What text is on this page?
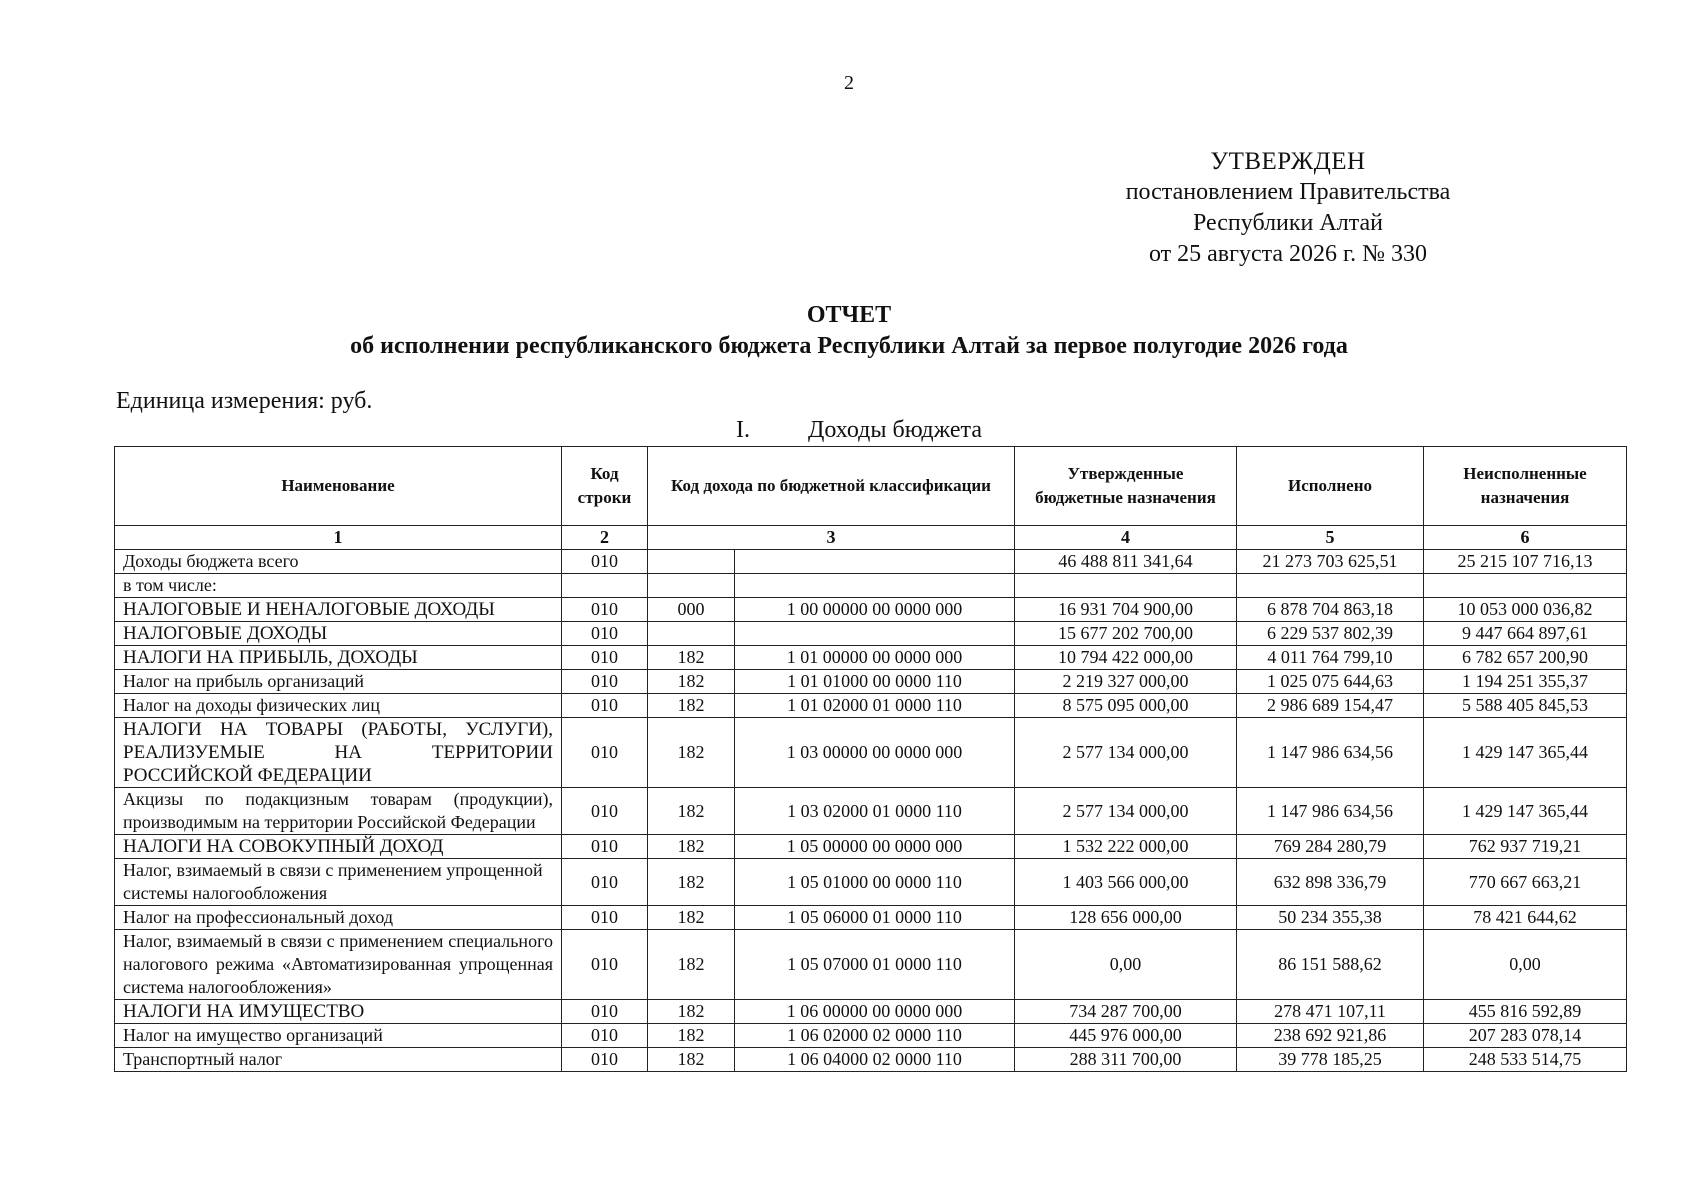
2
УТВЕРЖДЕН
постановлением Правительства
Республики Алтай
от 25 августа 2026 г. № 330
ОТЧЕТ
об исполнении республиканского бюджета Республики Алтай за первое полугодие 2026 года
Единица измерения: руб.
I. Доходы бюджета
Наименование	Код строки	Код дохода по бюджетной классификации		Утвержденные бюджетные назначения	Исполнено	Неисполненные назначения
1	2	3		4	5	6
Доходы бюджета всего	010			46 488 811 341,64	21 273 703 625,51	25 215 107 716,13
в том числе:						
НАЛОГОВЫЕ И НЕНАЛОГОВЫЕ ДОХОДЫ	010	000	1 00 00000 00 0000 000	16 931 704 900,00	6 878 704 863,18	10 053 000 036,82
НАЛОГОВЫЕ ДОХОДЫ	010			15 677 202 700,00	6 229 537 802,39	9 447 664 897,61
НАЛОГИ НА ПРИБЫЛЬ, ДОХОДЫ	010	182	1 01 00000 00 0000 000	10 794 422 000,00	4 011 764 799,10	6 782 657 200,90
Налог на прибыль организаций	010	182	1 01 01000 00 0000 110	2 219 327 000,00	1 025 075 644,63	1 194 251 355,37
Налог на доходы физических лиц	010	182	1 01 02000 01 0000 110	8 575 095 000,00	2 986 689 154,47	5 588 405 845,53
НАЛОГИ НА ТОВАРЫ (РАБОТЫ, УСЛУГИ), РЕАЛИЗУЕМЫЕ НА ТЕРРИТОРИИ РОССИЙСКОЙ ФЕДЕРАЦИИ	010	182	1 03 00000 00 0000 000	2 577 134 000,00	1 147 986 634,56	1 429 147 365,44
Акцизы по подакцизным товарам (продукции), производимым на территории Российской Федерации	010	182	1 03 02000 01 0000 110	2 577 134 000,00	1 147 986 634,56	1 429 147 365,44
НАЛОГИ НА СОВОКУПНЫЙ ДОХОД	010	182	1 05 00000 00 0000 000	1 532 222 000,00	769 284 280,79	762 937 719,21
Налог, взимаемый в связи с применением упрощенной системы налогообложения	010	182	1 05 01000 00 0000 110	1 403 566 000,00	632 898 336,79	770 667 663,21
Налог на профессиональный доход	010	182	1 05 06000 01 0000 110	128 656 000,00	50 234 355,38	78 421 644,62
Налог, взимаемый в связи с применением специального налогового режима «Автоматизированная упрощенная система налогообложения»	010	182	1 05 07000 01 0000 110	0,00	86 151 588,62	0,00
НАЛОГИ НА ИМУЩЕСТВО	010	182	1 06 00000 00 0000 000	734 287 700,00	278 471 107,11	455 816 592,89
Налог на имущество организаций	010	182	1 06 02000 02 0000 110	445 976 000,00	238 692 921,86	207 283 078,14
Транспортный налог	010	182	1 06 04000 02 0000 110	288 311 700,00	39 778 185,25	248 533 514,75
